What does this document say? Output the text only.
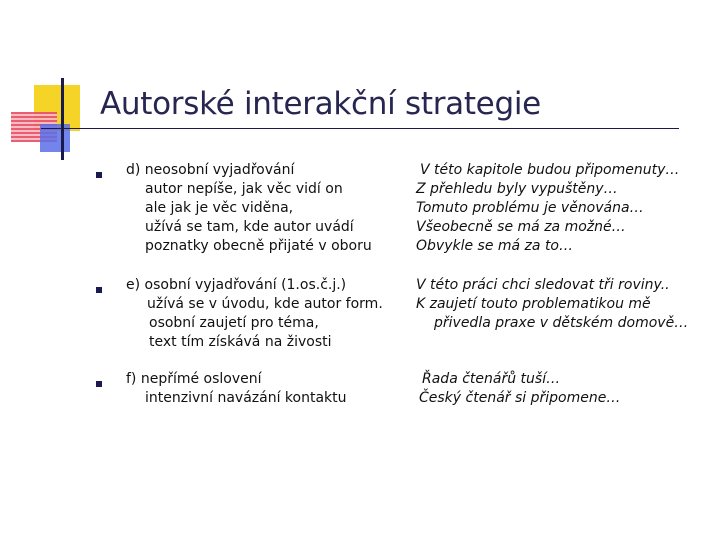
Autorské interakční strategie
d) neosobní vyjadřování
autor nepíše, jak věc vidí on
ale jak je věc viděna,
užívá se tam, kde autor uvádí
poznatky obecně přijaté v oboru
V této kapitole budou připomenuty…
Z přehledu byly vypuštěny…
Tomuto problému je věnována…
Všeobecně se má za možné…
Obvykle se má za to…
e) osobní vyjadřování (1.os.č.j.)
užívá se v úvodu, kde autor form.
osobní zaujetí pro téma,
text tím získává na živosti
V této práci chci sledovat tři roviny..
K zaujetí touto problematikou mě
přivedla praxe v dětském domově…
f) nepřímé oslovení
intenzivní navázání kontaktu
Řada čtenářů tuší…
Český čtenář si připomene…
